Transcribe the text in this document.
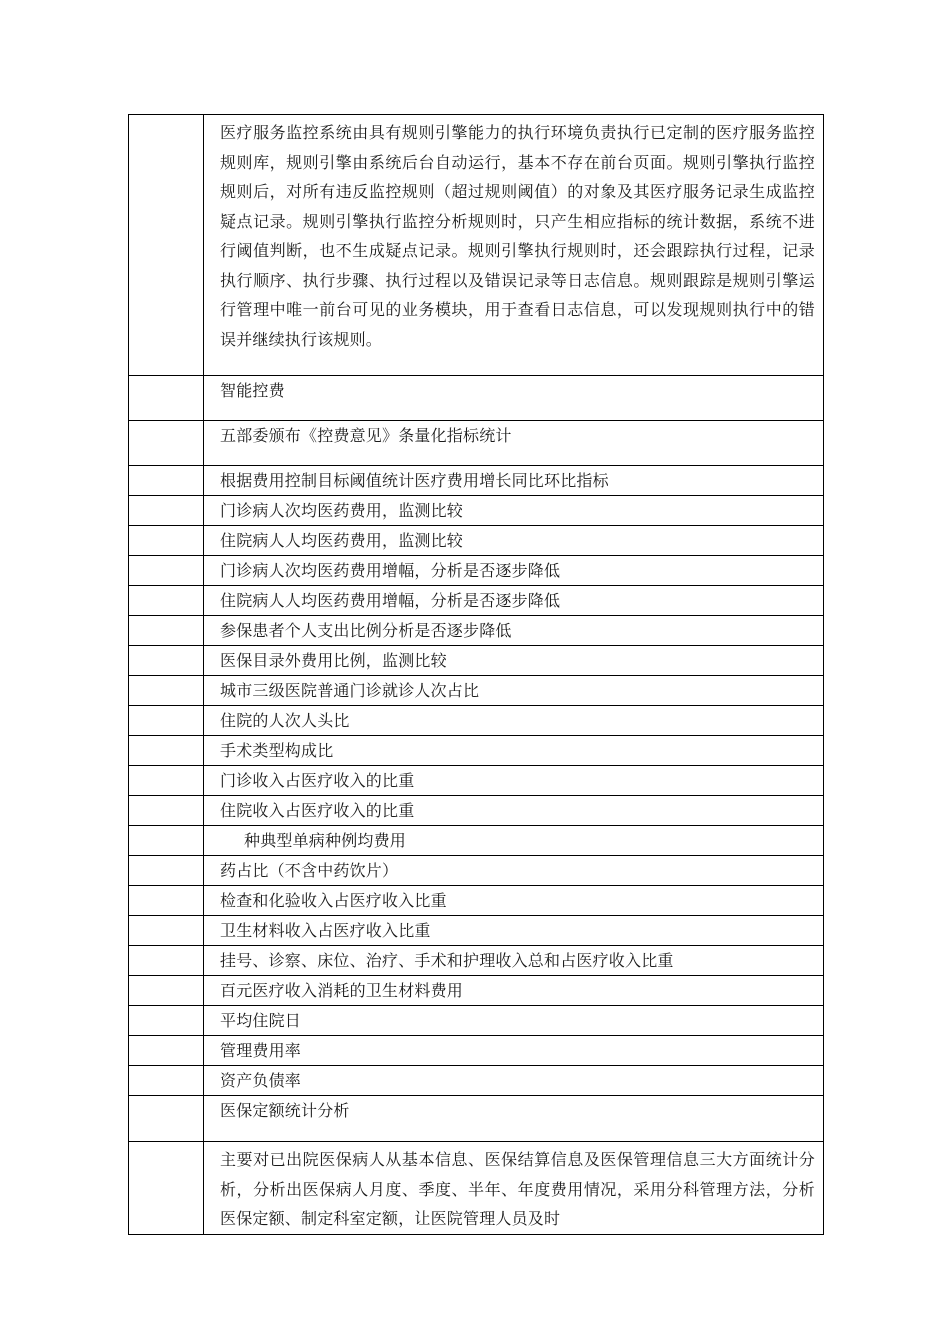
	医疗服务监控系统由具有规则引擎能力的执行环境负责执行已定制的医疗服务监控规则库，规则引擎由系统后台自动运行，基本不存在前台页面。规则引擎执行监控规则后，对所有违反监控规则（超过规则阈值）的对象及其医疗服务记录生成监控疑点记录。规则引擎执行监控分析规则时，只产生相应指标的统计数据，系统不进行阈值判断，也不生成疑点记录。规则引擎执行规则时，还会跟踪执行过程，记录执行顺序、执行步骤、执行过程以及错误记录等日志信息。规则跟踪是规则引擎运行管理中唯一前台可见的业务模块，用于查看日志信息，可以发现规则执行中的错误并继续执行该规则。

	智能控费
	五部委颁布《控费意见》条量化指标统计
	根据费用控制目标阈值统计医疗费用增长同比环比指标
	门诊病人次均医药费用，监测比较
	住院病人人均医药费用，监测比较
	门诊病人次均医药费用增幅，分析是否逐步降低
	住院病人人均医药费用增幅，分析是否逐步降低
	参保患者个人支出比例分析是否逐步降低
	医保目录外费用比例，监测比较
	城市三级医院普通门诊就诊人次占比
	住院的人次人头比
	手术类型构成比
	门诊收入占医疗收入的比重
	住院收入占医疗收入的比重
	种典型单病种例均费用
	药占比（不含中药饮片）
	检查和化验收入占医疗收入比重
	卫生材料收入占医疗收入比重
	挂号、诊察、床位、治疗、手术和护理收入总和占医疗收入比重
	百元医疗收入消耗的卫生材料费用
	平均住院日
	管理费用率
	资产负债率
	医保定额统计分析

	主要对已出院医保病人从基本信息、医保结算信息及医保管理信息三大方面统计分析，分析出医保病人月度、季度、半年、年度费用情况，采用分科管理方法，分析医保定额、制定科室定额，让医院管理人员及时
